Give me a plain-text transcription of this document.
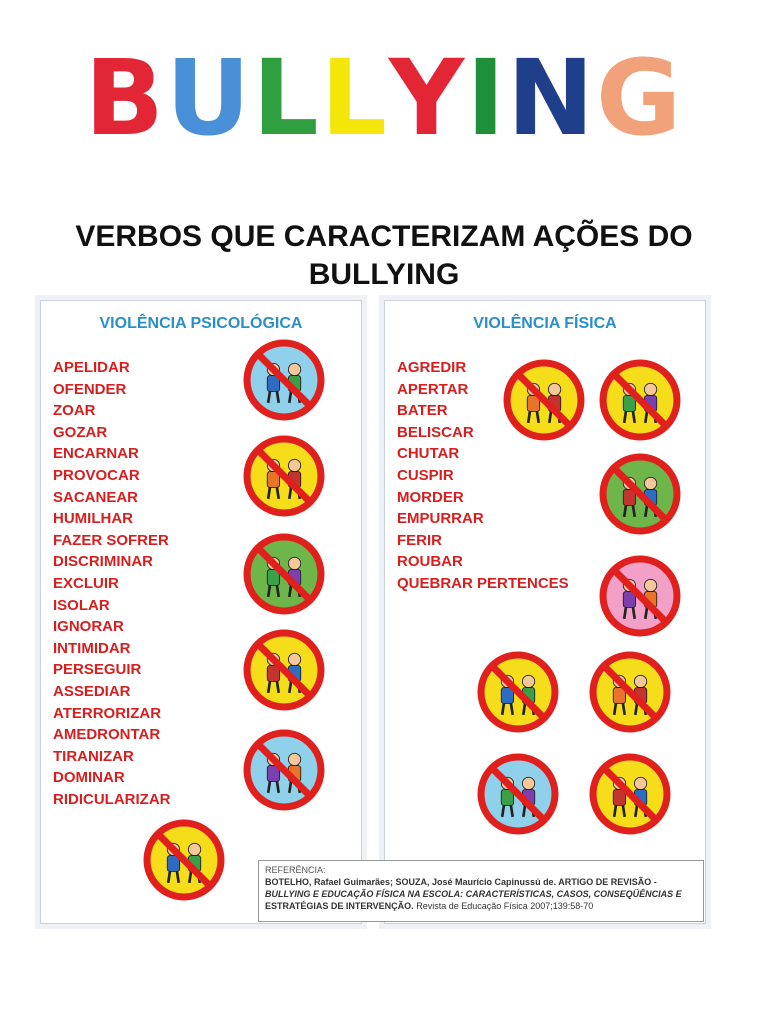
B U L L Y I N G
VERBOS QUE CARACTERIZAM AÇÕES DO BULLYING
VIOLÊNCIA PSICOLÓGICA
APELIDAR
OFENDER
ZOAR
GOZAR
ENCARNAR
PROVOCAR
SACANEAR
HUMILHAR
FAZER SOFRER
DISCRIMINAR
EXCLUIR
ISOLAR
IGNORAR
INTIMIDAR
PERSEGUIR
ASSEDIAR
ATERRORIZAR
AMEDRONTAR
TIRANIZAR
DOMINAR
RIDICULARIZAR
VIOLÊNCIA FÍSICA
AGREDIR
APERTAR
BATER
BELISCAR
CHUTAR
CUSPIR
MORDER
EMPURRAR
FERIR
ROUBAR
QUEBRAR PERTENCES
REFERÊNCIA:
BOTELHO, Rafael Guimarães; SOUZA, José Maurício Capinussú de. ARTIGO DE REVISÃO -
BULLYING E EDUCAÇÃO FÍSICA NA ESCOLA: CARACTERÍSTICAS, CASOS, CONSEQÜÊNCIAS E
ESTRATÉGIAS DE INTERVENÇÃO. Revista de Educação Física 2007;139:58-70
